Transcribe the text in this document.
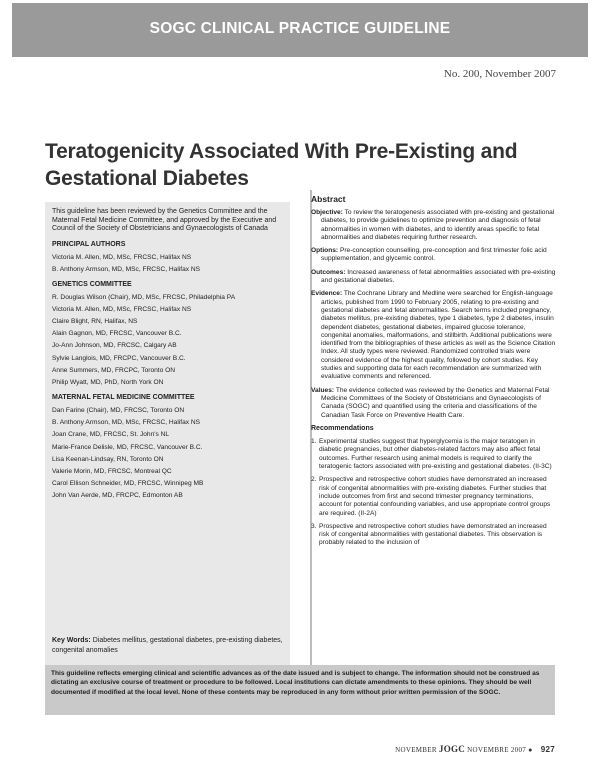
SOGC CLINICAL PRACTICE GUIDELINE
No. 200, November 2007
Teratogenicity Associated With Pre-Existing and Gestational Diabetes
This guideline has been reviewed by the Genetics Committee and the Maternal Fetal Medicine Committee, and approved by the Executive and Council of the Society of Obstetricians and Gynaecologists of Canada
PRINCIPAL AUTHORS
Victoria M. Allen, MD, MSc, FRCSC, Halifax NS
B. Anthony Armson, MD, MSc, FRCSC, Halifax NS
GENETICS COMMITTEE
R. Douglas Wilson (Chair), MD, MSc, FRCSC, Philadelphia PA
Victoria M. Allen, MD, MSc, FRCSC, Halifax NS
Claire Blight, RN, Halifax, NS
Alain Gagnon, MD, FRCSC, Vancouver B.C.
Jo-Ann Johnson, MD, FRCSC, Calgary AB
Sylvie Langlois, MD, FRCPC, Vancouver B.C.
Anne Summers, MD, FRCPC, Toronto ON
Philip Wyatt, MD, PhD, North York ON
MATERNAL FETAL MEDICINE COMMITTEE
Dan Farine (Chair), MD, FRCSC, Toronto ON
B. Anthony Armson, MD, MSc, FRCSC, Halifax NS
Joan Crane, MD, FRCSC, St. John's NL
Marie-France Delisle, MD, FRCSC, Vancouver B.C.
Lisa Keenan-Lindsay, RN, Toronto ON
Valerie Morin, MD, FRCSC, Montreal QC
Carol Ellison Schneider, MD, FRCSC, Winnipeg MB
John Van Aerde, MD, FRCPC, Edmonton AB
Key Words: Diabetes mellitus, gestational diabetes, pre-existing diabetes, congenital anomalies
Abstract
Objective: To review the teratogenesis associated with pre-existing and gestational diabetes, to provide guidelines to optimize prevention and diagnosis of fetal abnormalities in women with diabetes, and to identify areas specific to fetal abnormalities and diabetes requiring further research.
Options: Pre-conception counselling, pre-conception and first trimester folic acid supplementation, and glycemic control.
Outcomes: Increased awareness of fetal abnormalities associated with pre-existing and gestational diabetes.
Evidence: The Cochrane Library and Medline were searched for English-language articles, published from 1990 to February 2005, relating to pre-existing and gestational diabetes and fetal abnormalities. Search terms included pregnancy, diabetes mellitus, pre-existing diabetes, type 1 diabetes, type 2 diabetes, insulin dependent diabetes, gestational diabetes, impaired glucose tolerance, congenital anomalies, malformations, and stillbirth. Additional publications were identified from the bibliographies of these articles as well as the Science Citation Index. All study types were reviewed. Randomized controlled trials were considered evidence of the highest quality, followed by cohort studies. Key studies and supporting data for each recommendation are summarized with evaluative comments and referenced.
Values: The evidence collected was reviewed by the Genetics and Maternal Fetal Medicine Committees of the Society of Obstetricians and Gynaecologists of Canada (SOGC) and quantified using the criteria and classifications of the Canadian Task Force on Preventive Health Care.
Recommendations
1. Experimental studies suggest that hyperglycemia is the major teratogen in diabetic pregnancies, but other diabetes-related factors may also affect fetal outcomes. Further research using animal models is required to clarify the teratogenic factors associated with pre-existing and gestational diabetes. (II-3C)
2. Prospective and retrospective cohort studies have demonstrated an increased risk of congenital abnormalities with pre-existing diabetes. Further studies that include outcomes from first and second trimester pregnancy terminations, account for potential confounding variables, and use appropriate control groups are required. (II-2A)
3. Prospective and retrospective cohort studies have demonstrated an increased risk of congenital abnormalities with gestational diabetes. This observation is probably related to the inclusion of
This guideline reflects emerging clinical and scientific advances as of the date issued and is subject to change. The information should not be construed as dictating an exclusive course of treatment or procedure to be followed. Local institutions can dictate amendments to these opinions. They should be well documented if modified at the local level. None of these contents may be reproduced in any form without prior written permission of the SOGC.
NOVEMBER JOGC NOVEMBRE 2007 ● 927
